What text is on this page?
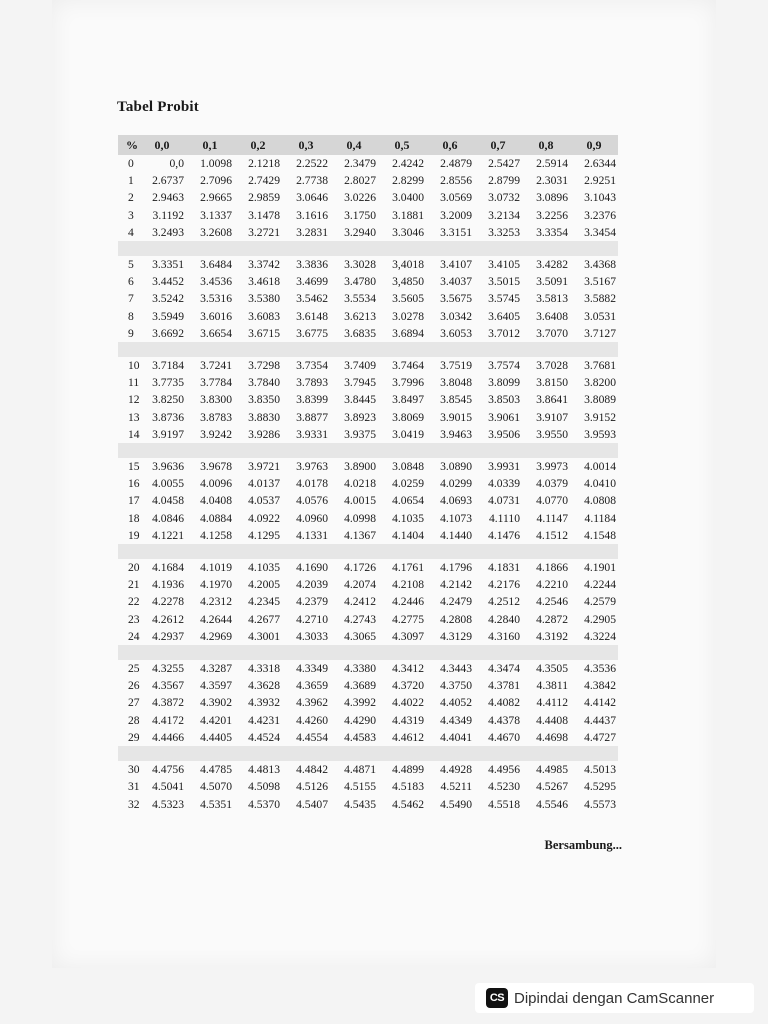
Tabel Probit
%	0,0	0,1	0,2	0,3	0,4	0,5	0,6	0,7	0,8	0,9
0	0,0	1.0098	2.1218	2.2522	2.3479	2.4242	2.4879	2.5427	2.5914	2.6344
1	2.6737	2.7096	2.7429	2.7738	2.8027	2.8299	2.8556	2.8799	2.3031	2.9251
2	2.9463	2.9665	2.9859	3.0646	3.0226	3.0400	3.0569	3.0732	3.0896	3.1043
3	3.1192	3.1337	3.1478	3.1616	3.1750	3.1881	3.2009	3.2134	3.2256	3.2376
4	3.2493	3.2608	3.2721	3.2831	3.2940	3.3046	3.3151	3.3253	3.3354	3.3454

5	3.3351	3.6484	3.3742	3.3836	3.3028	3,4018	3.4107	3.4105	3.4282	3.4368
6	3.4452	3.4536	3.4618	3.4699	3.4780	3,4850	3.4037	3.5015	3.5091	3.5167
7	3.5242	3.5316	3.5380	3.5462	3.5534	3.5605	3.5675	3.5745	3.5813	3.5882
8	3.5949	3.6016	3.6083	3.6148	3.6213	3.0278	3.0342	3.6405	3.6408	3.0531
9	3.6692	3.6654	3.6715	3.6775	3.6835	3.6894	3.6053	3.7012	3.7070	3.7127

10	3.7184	3.7241	3.7298	3.7354	3.7409	3.7464	3.7519	3.7574	3.7028	3.7681
11	3.7735	3.7784	3.7840	3.7893	3.7945	3.7996	3.8048	3.8099	3.8150	3.8200
12	3.8250	3.8300	3.8350	3.8399	3.8445	3.8497	3.8545	3.8503	3.8641	3.8089
13	3.8736	3.8783	3.8830	3.8877	3.8923	3.8069	3.9015	3.9061	3.9107	3.9152
14	3.9197	3.9242	3.9286	3.9331	3.9375	3.0419	3.9463	3.9506	3.9550	3.9593

15	3.9636	3.9678	3.9721	3.9763	3.8900	3.0848	3.0890	3.9931	3.9973	4.0014
16	4.0055	4.0096	4.0137	4.0178	4.0218	4.0259	4.0299	4.0339	4.0379	4.0410
17	4.0458	4.0408	4.0537	4.0576	4.0015	4.0654	4.0693	4.0731	4.0770	4.0808
18	4.0846	4.0884	4.0922	4.0960	4.0998	4.1035	4.1073	4.1110	4.1147	4.1184
19	4.1221	4.1258	4.1295	4.1331	4.1367	4.1404	4.1440	4.1476	4.1512	4.1548

20	4.1684	4.1019	4.1035	4.1690	4.1726	4.1761	4.1796	4.1831	4.1866	4.1901
21	4.1936	4.1970	4.2005	4.2039	4.2074	4.2108	4.2142	4.2176	4.2210	4.2244
22	4.2278	4.2312	4.2345	4.2379	4.2412	4.2446	4.2479	4.2512	4.2546	4.2579
23	4.2612	4.2644	4.2677	4.2710	4.2743	4.2775	4.2808	4.2840	4.2872	4.2905
24	4.2937	4.2969	4.3001	4.3033	4.3065	4.3097	4.3129	4.3160	4.3192	4.3224

25	4.3255	4.3287	4.3318	4.3349	4.3380	4.3412	4.3443	4.3474	4.3505	4.3536
26	4.3567	4.3597	4.3628	4.3659	4.3689	4.3720	4.3750	4.3781	4.3811	4.3842
27	4.3872	4.3902	4.3932	4.3962	4.3992	4.4022	4.4052	4.4082	4.4112	4.4142
28	4.4172	4.4201	4.4231	4.4260	4.4290	4.4319	4.4349	4.4378	4.4408	4.4437
29	4.4466	4.4405	4.4524	4.4554	4.4583	4.4612	4.4041	4.4670	4.4698	4.4727

30	4.4756	4.4785	4.4813	4.4842	4.4871	4.4899	4.4928	4.4956	4.4985	4.5013
31	4.5041	4.5070	4.5098	4.5126	4.5155	4.5183	4.5211	4.5230	4.5267	4.5295
32	4.5323	4.5351	4.5370	4.5407	4.5435	4.5462	4.5490	4.5518	4.5546	4.5573
Bersambung...
CS Dipindai dengan CamScanner
